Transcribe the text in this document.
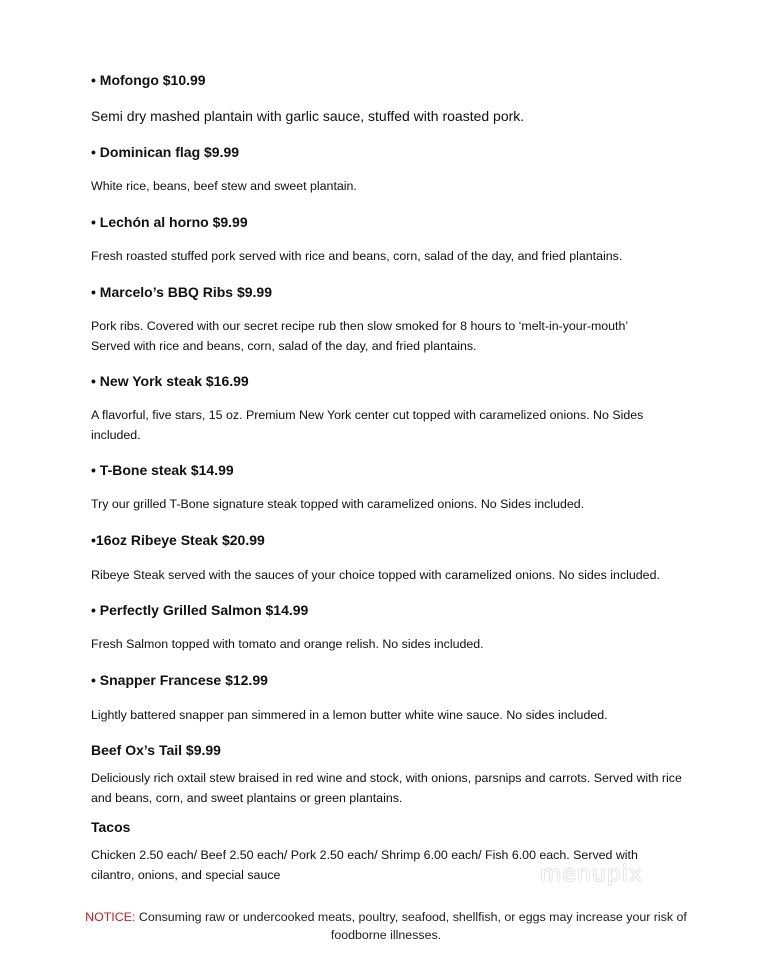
• Mofongo $10.99

Semi dry mashed plantain with garlic sauce, stuffed with roasted pork.

• Dominican flag $9.99

White rice, beans, beef stew and sweet plantain.

• Lechón al horno $9.99

Fresh roasted stuffed pork served with rice and beans, corn, salad of the day, and fried plantains.

• Marcelo’s BBQ Ribs $9.99

Pork ribs. Covered with our secret recipe rub then slow smoked for 8 hours to ‘melt-in-your-mouth’ Served with rice and beans, corn, salad of the day, and fried plantains.

• New York steak $16.99

A flavorful, five stars, 15 oz. Premium New York center cut topped with caramelized onions. No Sides included.

• T-Bone steak $14.99

Try our grilled T-Bone signature steak topped with caramelized onions. No Sides included.

•16oz Ribeye Steak $20.99

Ribeye Steak served with the sauces of your choice topped with caramelized onions. No sides included.

• Perfectly Grilled Salmon $14.99

Fresh Salmon topped with tomato and orange relish. No sides included.

• Snapper Francese $12.99

Lightly battered snapper pan simmered in a lemon butter white wine sauce. No sides included.

Beef Ox’s Tail $9.99

Deliciously rich oxtail stew braised in red wine and stock, with onions, parsnips and carrots. Served with rice and beans, corn, and sweet plantains or green plantains.

Tacos

Chicken 2.50 each/ Beef 2.50 each/ Pork 2.50 each/ Shrimp 6.00 each/ Fish 6.00 each. Served with cilantro, onions, and special sauce	menupix

NOTICE: Consuming raw or undercooked meats, poultry, seafood, shellfish, or eggs may increase your risk of foodborne illnesses.
